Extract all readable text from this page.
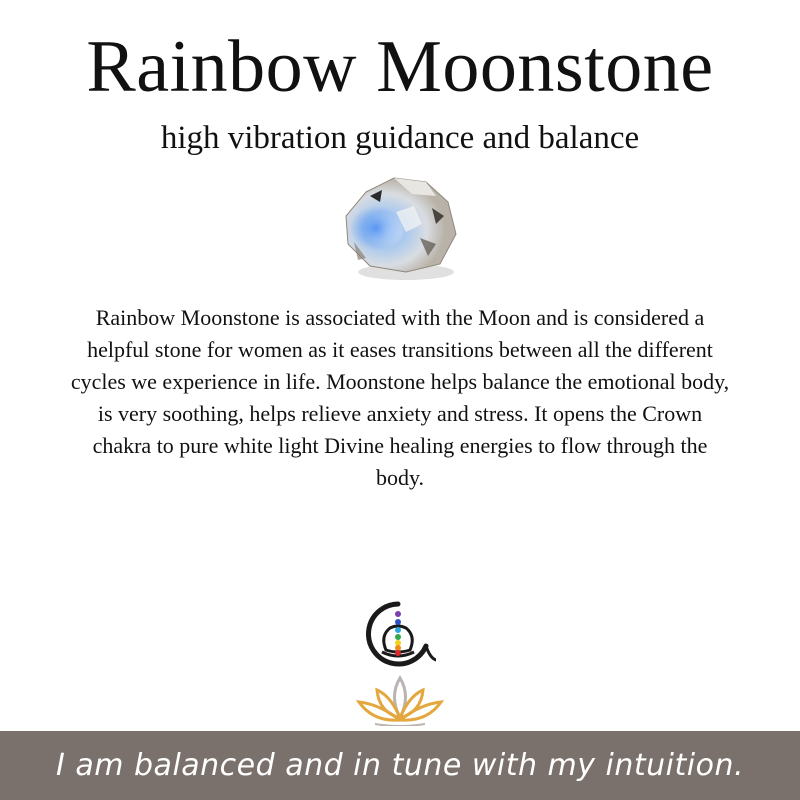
Rainbow Moonstone
high vibration guidance and balance
Rainbow Moonstone is associated with the Moon and is considered a helpful stone for women as it eases transitions between all the different cycles we experience in life. Moonstone helps balance the emotional body, is very soothing, helps relieve anxiety and stress. It opens the Crown chakra to pure white light Divine healing energies to flow through the body.
I am balanced and in tune with my intuition.
